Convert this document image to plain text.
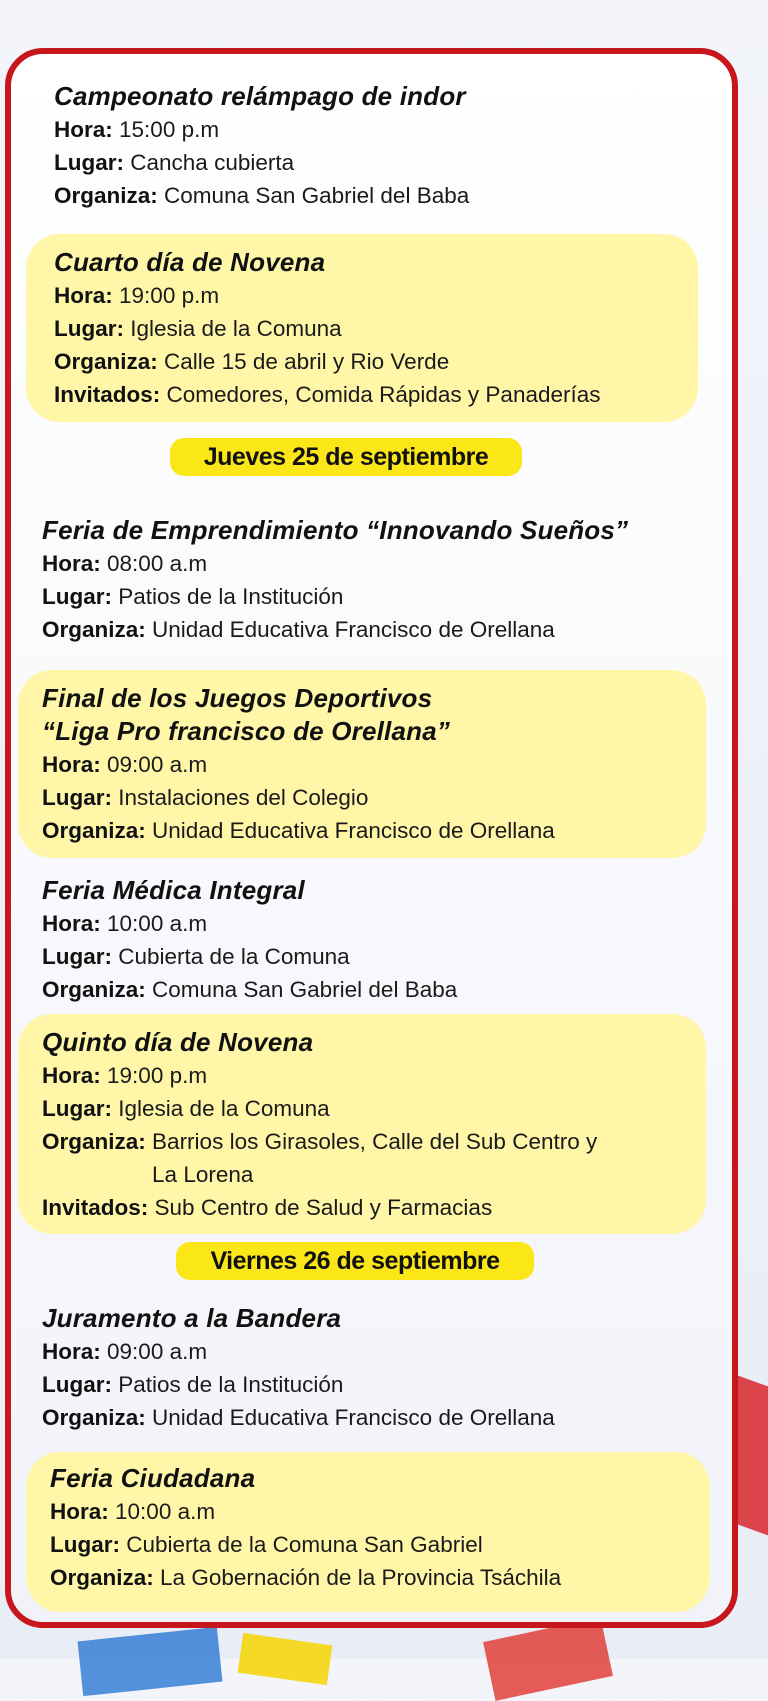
Campeonato relámpago de indor
Hora: 15:00 p.m
Lugar: Cancha cubierta
Organiza: Comuna San Gabriel del Baba
Cuarto día de Novena
Hora: 19:00 p.m
Lugar: Iglesia de la Comuna
Organiza: Calle 15 de abril y Rio Verde
Invitados: Comedores, Comida Rápidas y Panaderías
Jueves 25 de septiembre
Feria de Emprendimiento “Innovando Sueños”
Hora: 08:00 a.m
Lugar: Patios de la Institución
Organiza: Unidad Educativa Francisco de Orellana
Final de los Juegos Deportivos
“Liga Pro francisco de Orellana”
Hora: 09:00 a.m
Lugar: Instalaciones del Colegio
Organiza: Unidad Educativa Francisco de Orellana
Feria Médica Integral
Hora: 10:00 a.m
Lugar: Cubierta de la Comuna
Organiza: Comuna San Gabriel del Baba
Quinto día de Novena
Hora: 19:00 p.m
Lugar: Iglesia de la Comuna
Organiza:
Barrios los Girasoles, Calle del Sub Centro y
La Lorena
Invitados: Sub Centro de Salud y Farmacias
Viernes 26 de septiembre
Juramento a la Bandera
Hora: 09:00 a.m
Lugar: Patios de la Institución
Organiza: Unidad Educativa Francisco de Orellana
Feria Ciudadana
Hora: 10:00 a.m
Lugar: Cubierta de la Comuna San Gabriel
Organiza: La Gobernación de la Provincia Tsáchila
